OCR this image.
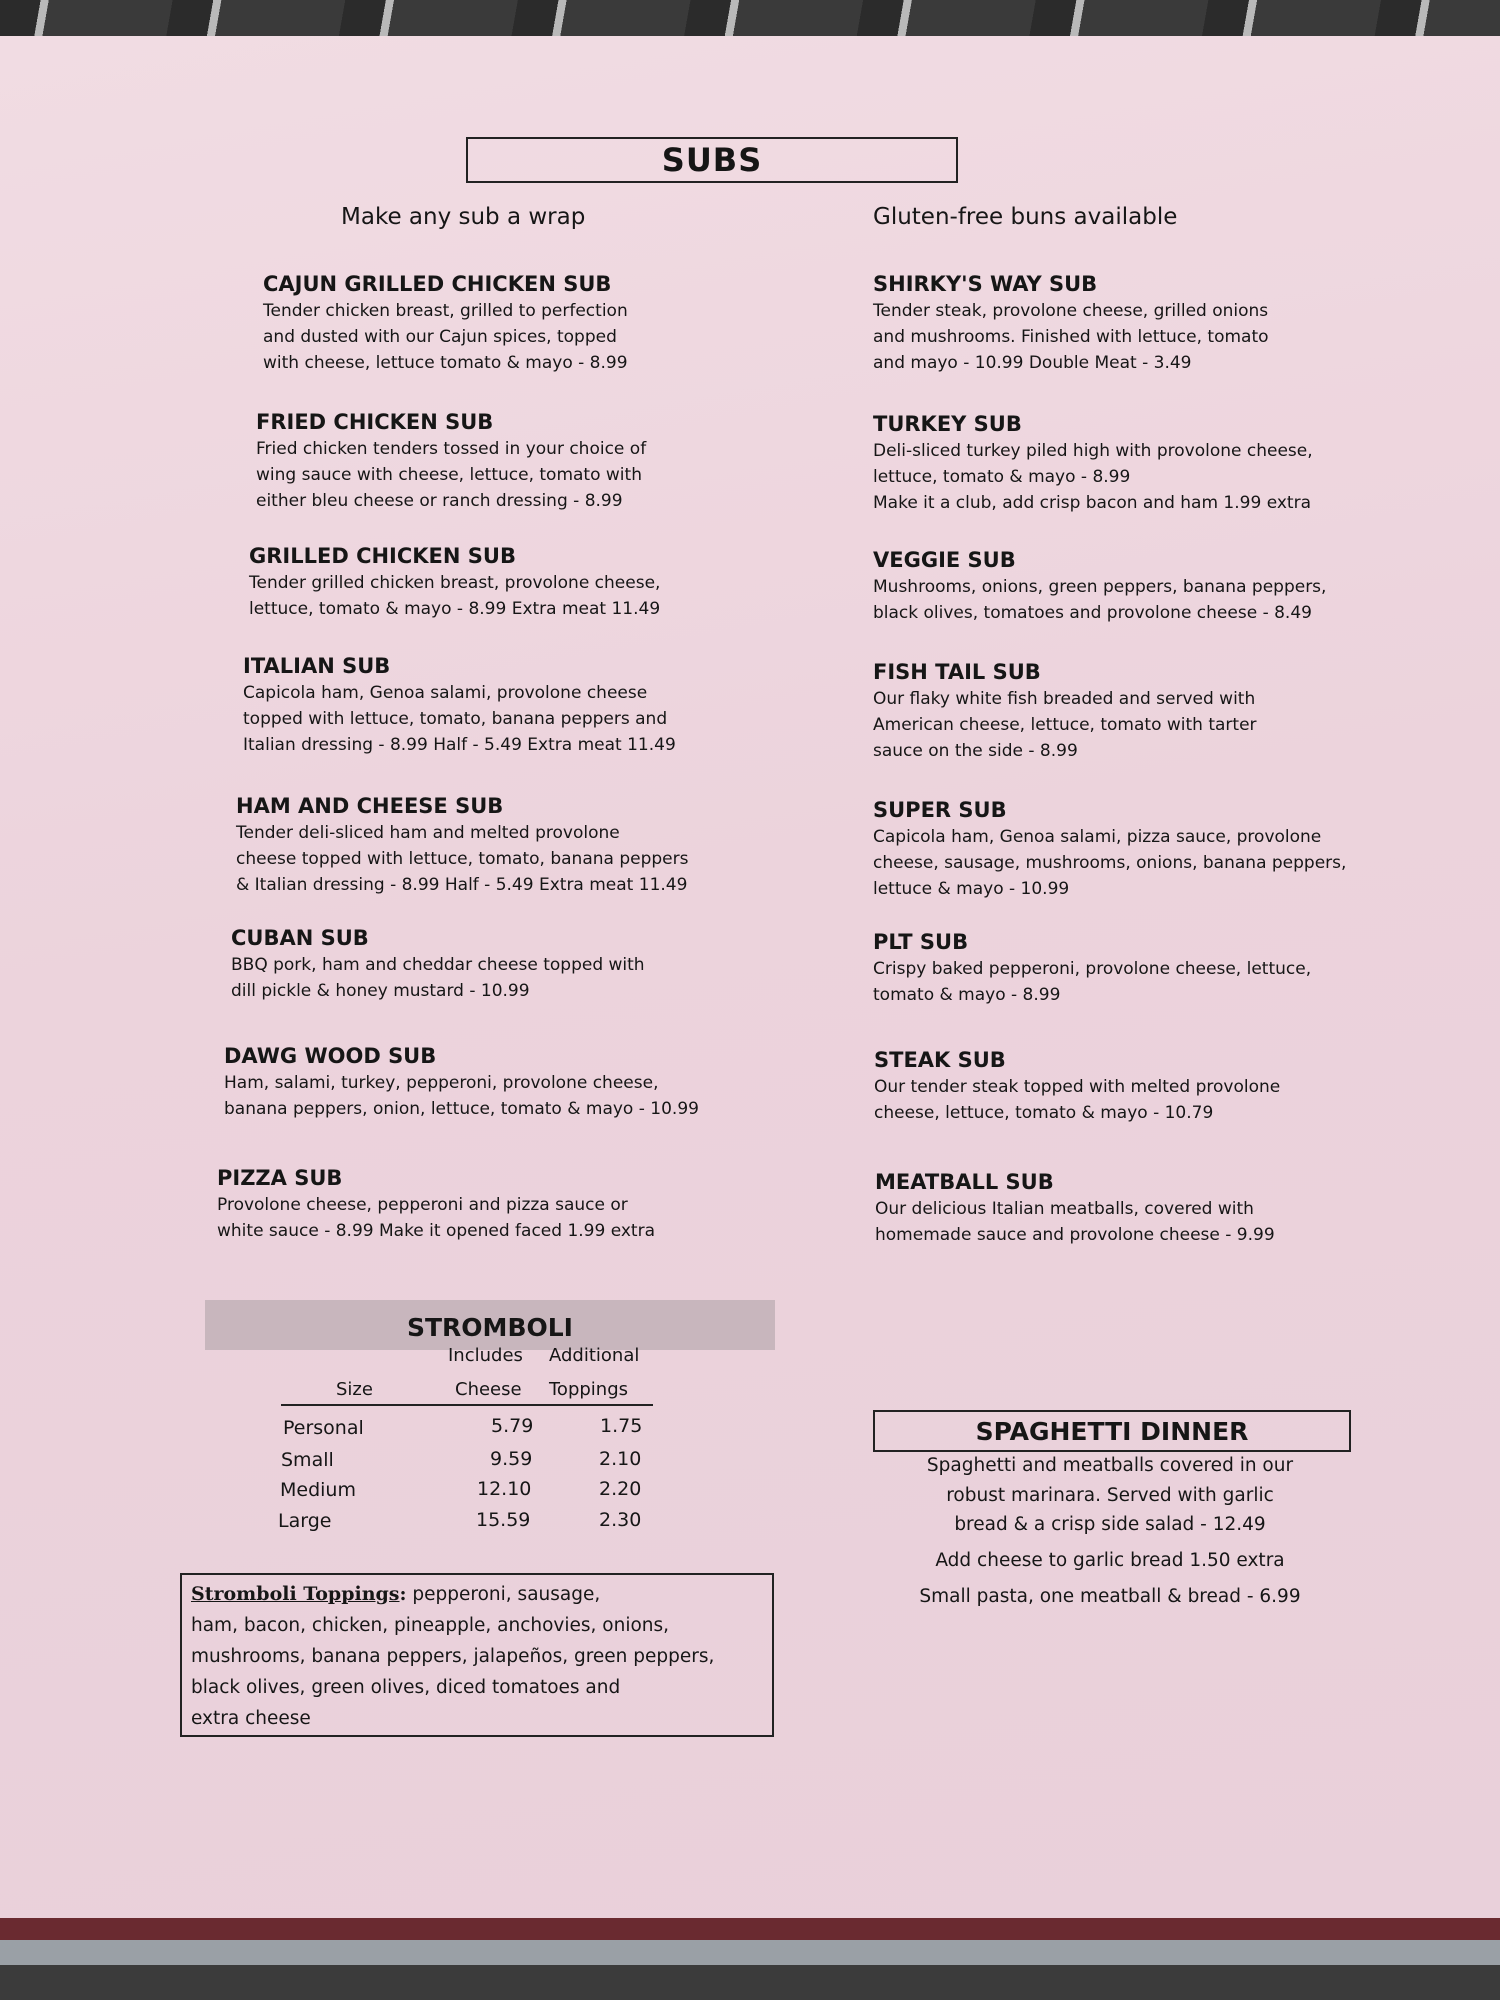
SUBS
Make any sub a wrap	Gluten-free buns available

CAJUN GRILLED CHICKEN SUB

Tender chicken breast, grilled to perfection
and dusted with our Cajun spices, topped
with cheese, lettuce tomato & mayo - 8.99

FRIED CHICKEN SUB

Fried chicken tenders tossed in your choice of
wing sauce with cheese, lettuce, tomato with
either bleu cheese or ranch dressing - 8.99

GRILLED CHICKEN SUB

Tender grilled chicken breast, provolone cheese,
lettuce, tomato & mayo - 8.99 Extra meat 11.49

ITALIAN SUB

Capicola ham, Genoa salami, provolone cheese
topped with lettuce, tomato, banana peppers and
Italian dressing - 8.99 Half - 5.49 Extra meat 11.49

HAM AND CHEESE SUB

Tender deli-sliced ham and melted provolone
cheese topped with lettuce, tomato, banana peppers
& Italian dressing - 8.99 Half - 5.49 Extra meat 11.49

CUBAN SUB

BBQ pork, ham and cheddar cheese topped with
dill pickle & honey mustard - 10.99

DAWG WOOD SUB

Ham, salami, turkey, pepperoni, provolone cheese,
banana peppers, onion, lettuce, tomato & mayo - 10.99

PIZZA SUB

Provolone cheese, pepperoni and pizza sauce or
white sauce - 8.99 Make it opened faced 1.99 extra

SHIRKY'S WAY SUB

Tender steak, provolone cheese, grilled onions
and mushrooms. Finished with lettuce, tomato
and mayo - 10.99 Double Meat - 3.49

TURKEY SUB

Deli-sliced turkey piled high with provolone cheese,
lettuce, tomato & mayo - 8.99
Make it a club, add crisp bacon and ham 1.99 extra

VEGGIE SUB

Mushrooms, onions, green peppers, banana peppers,
black olives, tomatoes and provolone cheese - 8.49

FISH TAIL SUB

Our flaky white fish breaded and served with
American cheese, lettuce, tomato with tarter
sauce on the side - 8.99

SUPER SUB

Capicola ham, Genoa salami, pizza sauce, provolone
cheese, sausage, mushrooms, onions, banana peppers,
lettuce & mayo - 10.99

PLT SUB

Crispy baked pepperoni, provolone cheese, lettuce,
tomato & mayo - 8.99

STEAK SUB

Our tender steak topped with melted provolone
cheese, lettuce, tomato & mayo - 10.79

MEATBALL SUB

Our delicious Italian meatballs, covered with
homemade sauce and provolone cheese - 9.99

STROMBOLI
Includes Additional
Size	Cheese Toppings
Personal	5.79	1.75
Small	9.59	2.10
Medium	12.10	2.20
Large	15.59	2.30
Stromboli Toppings: pepperoni, sausage,
ham, bacon, chicken, pineapple, anchovies, onions,
mushrooms, banana peppers, jalapeños, green peppers,
black olives, green olives, diced tomatoes and
extra cheese
SPAGHETTI DINNER
Spaghetti and meatballs covered in our
robust marinara. Served with garlic
bread & a crisp side salad - 12.49
Add cheese to garlic bread 1.50 extra
Small pasta, one meatball & bread - 6.99
